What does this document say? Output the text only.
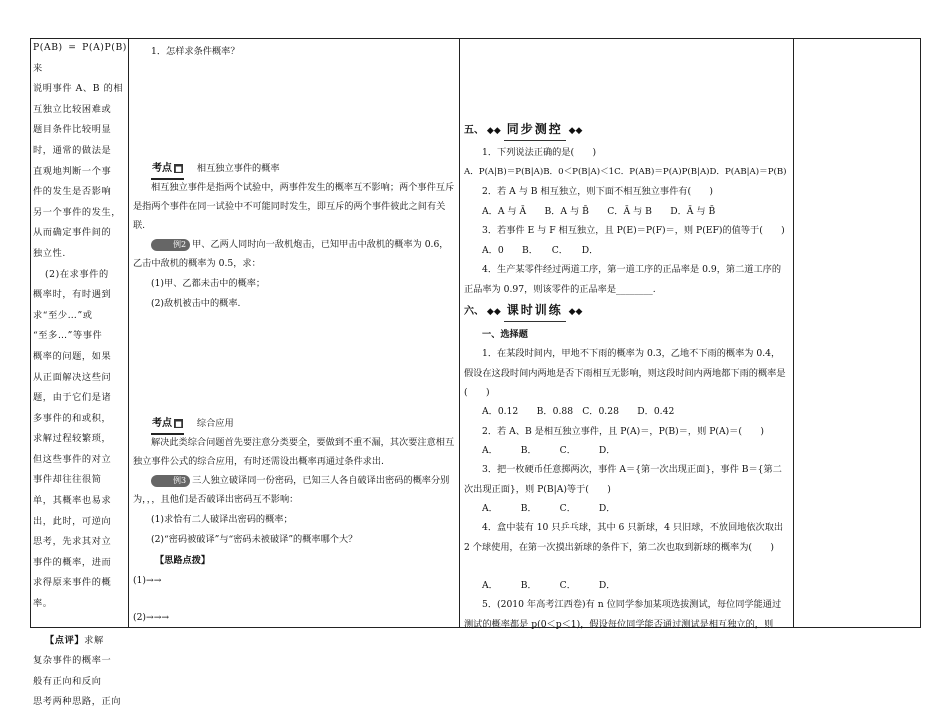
P(AB) = P(A)P(B) 来
说明事件 A、B 的相
互独立比较困难或
题目条件比较明显
时，通常的做法是
直观地判断一个事
件的发生是否影响
另一个事件的发生，
从而确定事件间的
独立性.
(2)在求事件的
概率时，有时遇到
求“至少…”或
“至多…”等事件
概率的问题，如果
从正面解决这些问
题，由于它们是诸
多事件的和或积，
求解过程较繁琐，
但这些事件的对立
事件却往往很简
单，其概率也易求
出，此时，可逆向
思考，先求其对立
事件的概率，进而
求得原来事件的概
率。
【点评】求解
复杂事件的概率一
般有正向和反向
思考两种思路，正向

1．怎样求条件概率？

考点 ■ 相互独立事件的概率

相互独立事件是指两个试验中，两事件发生的概率互不影响；两个事件互斥是指两个事件在同一试验中不可能同时发生，即互斥的两个事件彼此之间有关联.

例2 甲、乙两人同时向一敌机炮击，已知甲击中敌机的概率为 0.6，乙击中敌机的概率为 0.5，求：

(1)甲、乙都未击中的概率；

(2)敌机被击中的概率.

考点 ■ 综合应用

解决此类综合问题首先要注意分类要全，要做到不重不漏，其次要注意相互独立事件公式的综合应用，有时还需设出概率再通过条件求出.

例3 三人独立破译同一份密码，已知三人各自破译出密码的概率分别为，，，且他们是否破译出密码互不影响：

(1)求恰有二人破译出密码的概率；

(2)“密码被破译”与“密码未被破译”的概率哪个大？

【思路点拨】

(1)→→

(2)→→→

五、 ◆◆ 同步测控 ◆◆

1．下列说法正确的是(　　)

A．P(A|B)＝P(B|A)B．0＜P(B|A)＜1C．P(AB)＝P(A)P(B|A)D．P(AB|A)＝P(B)

2．若 A 与 B 相互独立，则下面不相互独立事件有(　　)

A．A 与 Ā　　B．A 与 B̄　　C．Ā 与 B　　D．Ā 与 B̄

3．若事件 E 与 F 相互独立，且 P(E)＝P(F)＝，则 P(EF)的值等于(　　)

A．0　　B．　　C．　　D．

4．生产某零件经过两道工序，第一道工序的正品率是 0.9，第二道工序的正品率为 0.97，则该零件的正品率是________.

六、 ◆◆ 课时训练 ◆◆

一、选择题

1．在某段时间内，甲地不下雨的概率为 0.3，乙地不下雨的概率为 0.4，假设在这段时间内两地是否下雨相互无影响，则这段时间内两地都下雨的概率是(　　)

A．0.12　　B．0.88　C．0.28　　D．0.42

2．若 A、B 是相互独立事件，且 P(A)＝，P(B)＝，则 P(A)＝(　　)

A．　　　B．　　　C．　　　D．

3．把一枚硬币任意掷两次，事件 A＝{第一次出现正面}，事件 B＝{第二次出现正面}，则 P(B|A)等于(　　)

A．　　　B．　　　C．　　　D．

4．盒中装有 10 只乒乓球，其中 6 只新球，4 只旧球，不放回地依次取出 2 个球使用，在第一次摸出新球的条件下，第二次也取到新球的概率为(　　)

A．　　　B．　　　C．　　　D．

5．(2010 年高考江西卷)有 n 位同学参加某项选拔测试，每位同学能通过测试的概率都是 p(0＜p＜1)，假设每位同学能否通过测试是相互独立的，则
